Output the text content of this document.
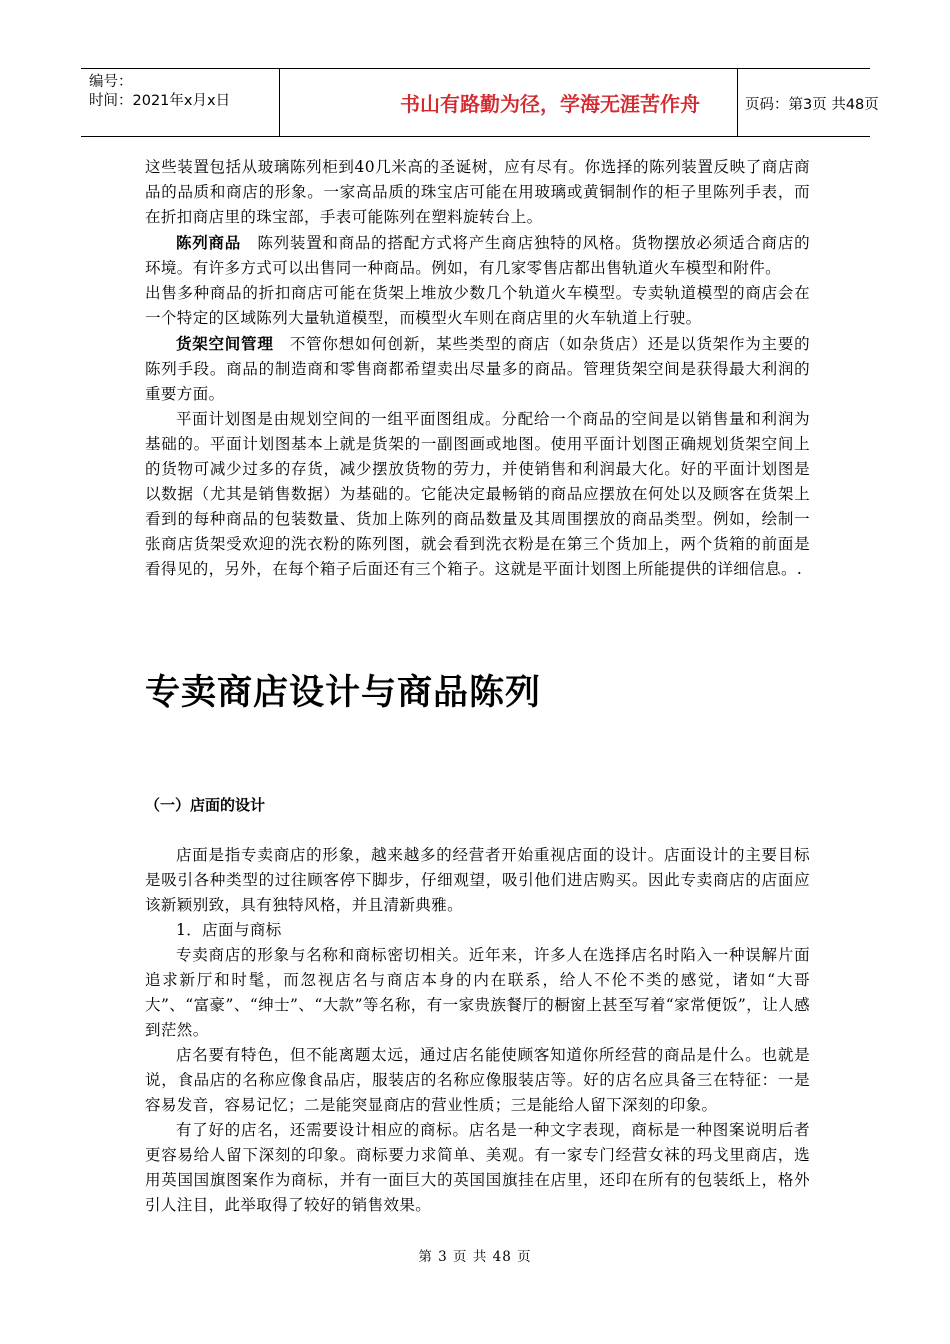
编号：
时间：2021年x月x日	书山有路勤为径，学海无涯苦作舟	页码：第3页 共48页

这些装置包括从玻璃陈列柜到40几米高的圣诞树，应有尽有。你选择的陈列装置反映了商店商品的品质和商店的形象。一家高品质的珠宝店可能在用玻璃或黄铜制作的柜子里陈列手表，而在折扣商店里的珠宝部，手表可能陈列在塑料旋转台上。

陈列商品　陈列装置和商品的搭配方式将产生商店独特的风格。货物摆放必须适合商店的环境。有许多方式可以出售同一种商品。例如，有几家零售店都出售轨道火车模型和附件。

出售多种商品的折扣商店可能在货架上堆放少数几个轨道火车模型。专卖轨道模型的商店会在一个特定的区域陈列大量轨道模型，而模型火车则在商店里的火车轨道上行驶。

货架空间管理　不管你想如何创新，某些类型的商店（如杂货店）还是以货架作为主要的陈列手段。商品的制造商和零售商都希望卖出尽量多的商品。管理货架空间是获得最大利润的重要方面。

平面计划图是由规划空间的一组平面图组成。分配给一个商品的空间是以销售量和利润为基础的。平面计划图基本上就是货架的一副图画或地图。使用平面计划图正确规划货架空间上的货物可减少过多的存货，减少摆放货物的劳力，并使销售和利润最大化。好的平面计划图是以数据（尤其是销售数据）为基础的。它能决定最畅销的商品应摆放在何处以及顾客在货架上看到的每种商品的包装数量、货加上陈列的商品数量及其周围摆放的商品类型。例如，绘制一张商店货架受欢迎的洗衣粉的陈列图，就会看到洗衣粉是在第三个货加上，两个货箱的前面是看得见的，另外，在每个箱子后面还有三个箱子。这就是平面计划图上所能提供的详细信息。.

专卖商店设计与商品陈列
（一）店面的设计

店面是指专卖商店的形象，越来越多的经营者开始重视店面的设计。店面设计的主要目标是吸引各种类型的过往顾客停下脚步，仔细观望，吸引他们进店购买。因此专卖商店的店面应该新颖别致，具有独特风格，并且清新典雅。

1．店面与商标

专卖商店的形象与名称和商标密切相关。近年来，许多人在选择店名时陷入一种误解片面追求新厅和时髦，而忽视店名与商店本身的内在联系，给人不伦不类的感觉，诸如“大哥大”、“富豪”、“绅士”、“大款”等名称，有一家贵族餐厅的橱窗上甚至写着“家常便饭”，让人感到茫然。

店名要有特色，但不能离题太远，通过店名能使顾客知道你所经营的商品是什么。也就是说，食品店的名称应像食品店，服装店的名称应像服装店等。好的店名应具备三在特征：一是容易发音，容易记忆；二是能突显商店的营业性质；三是能给人留下深刻的印象。

有了好的店名，还需要设计相应的商标。店名是一种文字表现，商标是一种图案说明后者更容易给人留下深刻的印象。商标要力求简单、美观。有一家专门经营女袜的玛戈里商店，选用英国国旗图案作为商标，并有一面巨大的英国国旗挂在店里，还印在所有的包装纸上，格外引人注目，此举取得了较好的销售效果。

第 3 页 共 48 页
